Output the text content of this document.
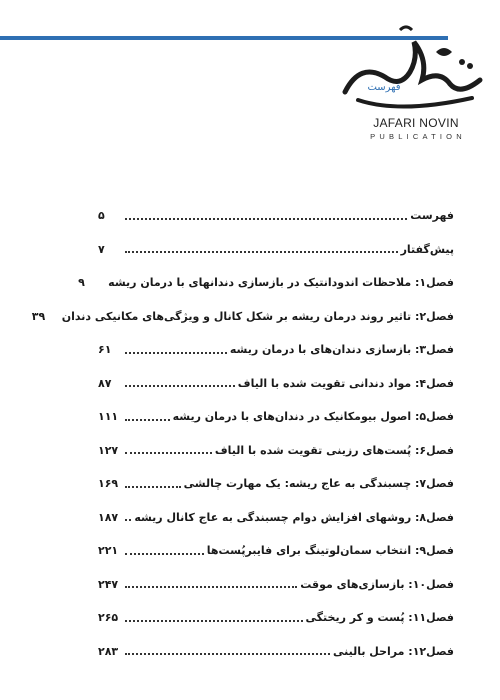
فهرست
JAFARI NOVIN
PUBLICATION
فهرست
۵
پیش‌گفتار
۷
فصل۱: ملاحظات اندودانتیک در بازسازی دندانهای با درمان ریشه
۹
فصل۲: تاثیر روند درمان ریشه بر شکل کانال و ویژگی‌های مکانیکی دندان
۳۹
فصل۳: بازسازی دندان‌های با درمان ریشه
۶۱
فصل۴: مواد دندانی تقویت شده با الیاف
۸۷
فصل۵: اصول بیومکانیک در دندان‌های با درمان ریشه
۱۱۱
فصل۶: پُست‌های رزینی تقویت شده با الیاف
۱۲۷
فصل۷: چسبندگی به عاج ریشه: یک مهارت چالشی
۱۶۹
فصل۸: روشهای افزایش دوام چسبندگی به عاج کانال ریشه
۱۸۷
فصل۹: انتخاب سمان‌لوتینگ برای فایبرپُست‌ها
۲۲۱
فصل۱۰: بازسازی‌های موقت
۲۴۷
فصل۱۱: پُست و کر ریختگی
۲۶۵
فصل۱۲: مراحل بالینی
۲۸۳
